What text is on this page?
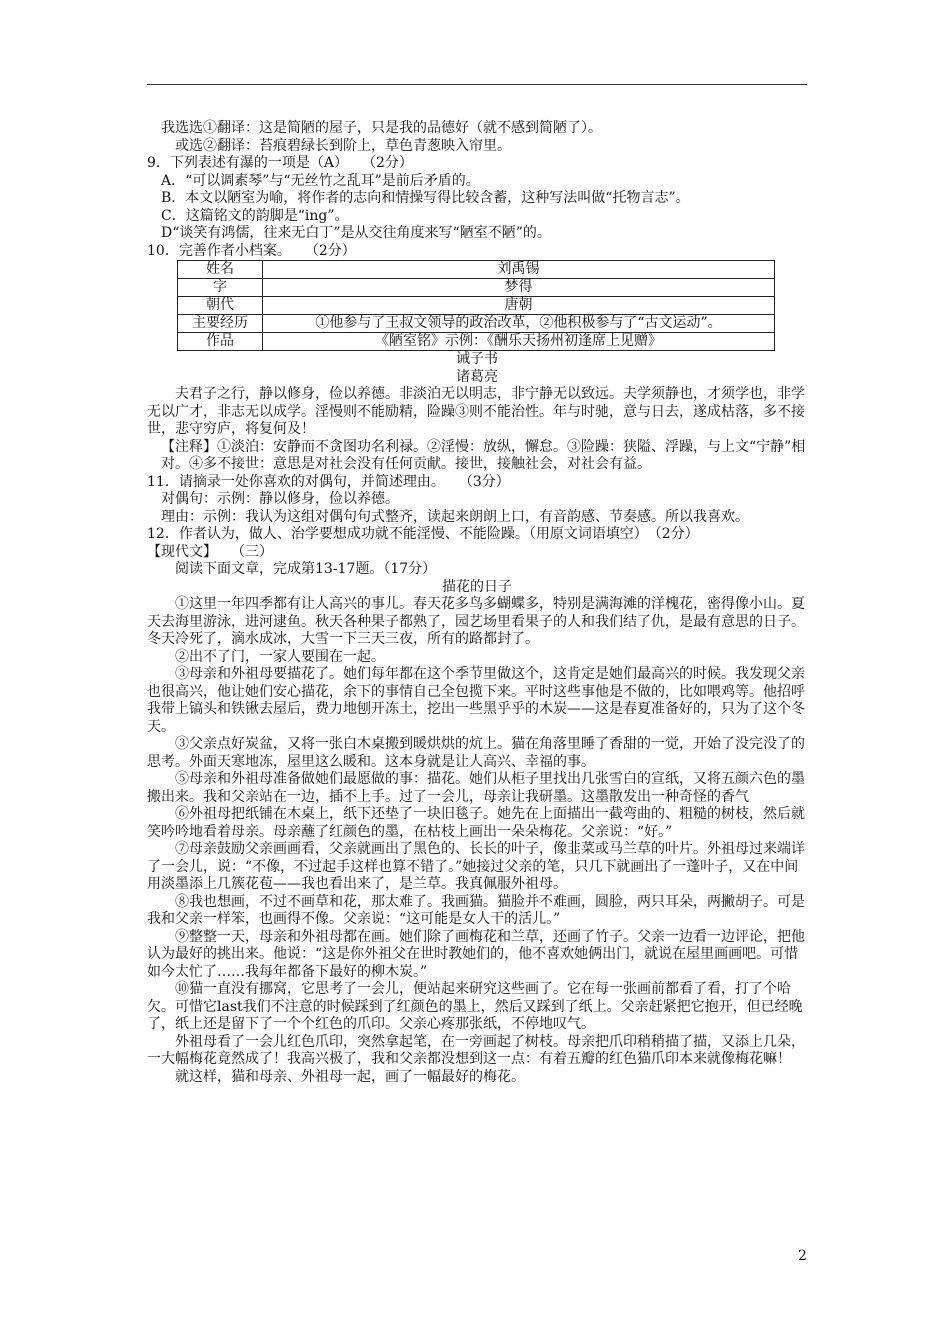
我选选①翻译：这是简陋的屋子，只是我的品德好（就不感到简陋了）。

或选②翻译：苔痕碧绿长到阶上，草色青葱映入帘里。

9．下列表述有瀑的一项是（A）　　（2分）

A．“可以调素琴”与“无丝竹之乱耳”是前后矛盾的。

B．本文以陋室为喻，将作者的志向和情操写得比较含蓄，这种写法叫做“托物言志”。

C．这篇铭文的韵脚是“ing”。

D“谈笑有鸿儒，往来无白丁”是从交往角度来写“陋室不陋”的。

10．完善作者小档案。　　（2分）

姓名	刘禹锡
字	梦得
朝代	唐朝
主要经历	①他参与了王叔文领导的政治改革，②他积极参与了“古文运动”。
作品	《陋室铭》示例：《酬乐天扬州初逢席上见赠》

诫子书

诸葛亮

夫君子之行，静以修身，俭以养德。非淡泊无以明志，非宁静无以致远。夫学须静也，才须学也，非学无以广才，非志无以成学。淫慢则不能励精，险躁③则不能治性。年与时驰，意与日去，遂成枯落，多不接世，悲守穷庐，将复何及！

【注释】①淡泊：安静而不贪图功名利禄。②淫慢：放纵，懈怠。③险躁：狭隘、浮躁，与上文“宁静”相对。④多不接世：意思是对社会没有任何贡献。接世，接触社会，对社会有益。

11．请摘录一处你喜欢的对偶句，并简述理由。　　（3分）

对偶句：示例：静以修身，俭以养德。

理由：示例：我认为这组对偶句句式整齐，读起来朗朗上口，有音韵感、节奏感。所以我喜欢。

12．作者认为，做人、治学要想成功就不能淫慢、不能险躁。（用原文词语填空）　（2分）

【现代文】　　（三）

阅读下面文章，完成第13-17题。（17分）

描花的日子

①这里一年四季都有让人高兴的事儿。春天花多鸟多蝴蝶多，特别是满海滩的洋槐花，密得像小山。夏天去海里游泳，进河逮鱼。秋天各种果子都熟了，园艺场里看果子的人和我们结了仇，是最有意思的日子。冬天冷死了，滴水成冰，大雪一下三天三夜，所有的路都封了。

②出不了门，一家人要围在一起。

③母亲和外祖母要描花了。她们每年都在这个季节里做这个，这肯定是她们最高兴的时候。我发现父亲也很高兴，他让她们安心描花，余下的事情自己全包揽下来。平时这些事他是不做的，比如喂鸡等。他招呼我带上镐头和铁锹去屋后，费力地刨开冻土，挖出一些黑乎乎的木炭——这是春夏准备好的，只为了这个冬天。

③父亲点好炭盆，又将一张白木桌搬到暖烘烘的炕上。猫在角落里睡了香甜的一觉，开始了没完没了的思考。外面天寒地冻，屋里这么暖和。这本身就是让人高兴、幸福的事。

⑤母亲和外祖母准备做她们最愿做的事：描花。她们从柜子里找出几张雪白的宣纸，又将五颜六色的墨搬出来。我和父亲站在一边，插不上手。过了一会儿，母亲让我研墨。这墨散发出一种奇怪的香气

⑥外祖母把纸铺在木桌上，纸下还垫了一块旧毯子。她先在上面描出一截弯曲的、粗糙的树枝，然后就笑吟吟地看着母亲。母亲蘸了红颜色的墨，在枯枝上画出一朵朵梅花。父亲说：“好。”

⑦母亲鼓励父亲画画看，父亲就画出了黑色的、长长的叶子，像韭菜或马兰草的叶片。外祖母过来端详了一会儿，说：“不像，不过起手这样也算不错了。”她接过父亲的笔，只几下就画出了一蓬叶子，又在中间用淡墨添上几簇花苞——我也看出来了，是兰草。我真佩服外祖母。

⑧我也想画，不过不画草和花，那太难了。我画猫。猫脸并不难画，圆脸，两只耳朵，两撇胡子。可是我和父亲一样笨，也画得不像。父亲说：“这可能是女人干的活儿。”

⑨整整一天，母亲和外祖母都在画。她们除了画梅花和兰草，还画了竹子。父亲一边看一边评论，把他认为最好的挑出来。他说：“这是你外祖父在世时教她们的，他不喜欢她俩出门，就说在屋里画画吧。可惜如今太忙了……我每年都备下最好的柳木炭。”

⑩猫一直没有挪窝，它思考了一会儿，便站起来研究这些画了。它在每一张画前都看了看，打了个哈欠。可惜它last我们不注意的时候踩到了红颜色的墨上，然后又踩到了纸上。父亲赶紧把它抱开，但已经晚了，纸上还是留下了一个个红色的爪印。父亲心疼那张纸，不停地叹气。

外祖母看了一会儿红色爪印，突然拿起笔，在一旁画起了树枝。母亲把爪印稍稍描了描，又添上几朵，一大幅梅花竟然成了！我高兴极了，我和父亲都没想到这一点：有着五瓣的红色猫爪印本来就像梅花嘛！

就这样，猫和母亲、外祖母一起，画了一幅最好的梅花。

2
